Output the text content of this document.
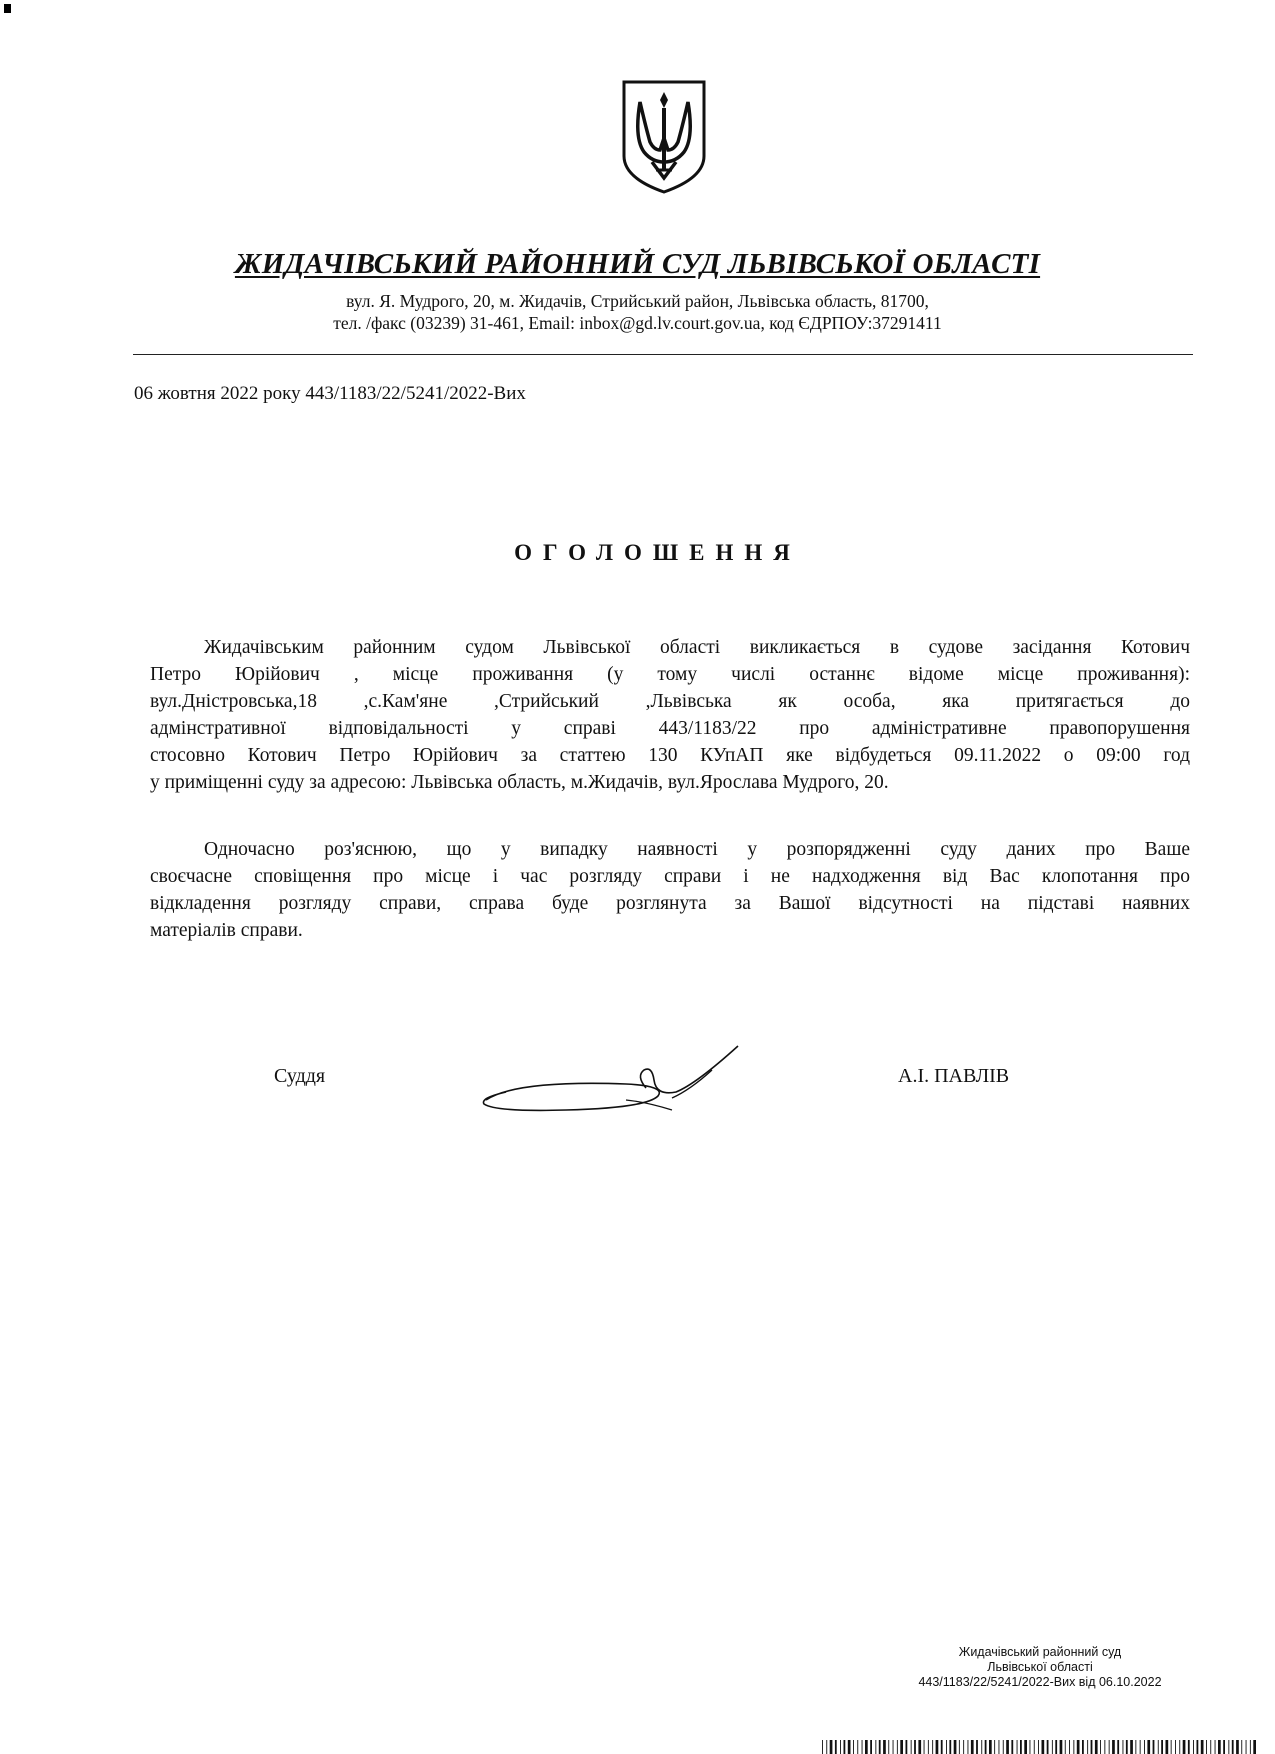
ЖИДАЧІВСЬКИЙ РАЙОННИЙ СУД ЛЬВІВСЬКОЇ ОБЛАСТІ
вул. Я. Мудрого, 20, м. Жидачів, Стрийський район, Львівська область, 81700,
тел. /факс (03239) 31-461, Email: inbox@gd.lv.court.gov.ua, код ЄДРПОУ:37291411
06 жовтня 2022 року 443/1183/22/5241/2022-Вих
ОГОЛОШЕННЯ
Жидачівським районним судом Львівської області викликається в судове засідання Котович
Петро Юрійович , місце проживання (у тому числі останнє відоме місце проживання):
вул.Дністровська,18 ,с.Кам'яне ,Стрийський ,Львівська як особа, яка притягається до
адмінстративної відповідальності у справі 443/1183/22 про адміністративне правопорушення
стосовно Котович Петро Юрійович за статтею 130 КУпАП яке відбудеться 09.11.2022 о 09:00 год
у приміщенні суду за адресою: Львівська область, м.Жидачів, вул.Ярослава Мудрого, 20.
Одночасно роз'яснюю, що у випадку наявності у розпорядженні суду даних про Ваше
своєчасне сповіщення про місце і час розгляду справи і не надходження від Вас клопотання про
відкладення розгляду справи, справа буде розглянута за Вашої відсутності на підставі наявних
матеріалів справи.
Суддя	А.І. ПАВЛІВ
Жидачівський районний суд
Львівської області
443/1183/22/5241/2022-Вих від 06.10.2022
